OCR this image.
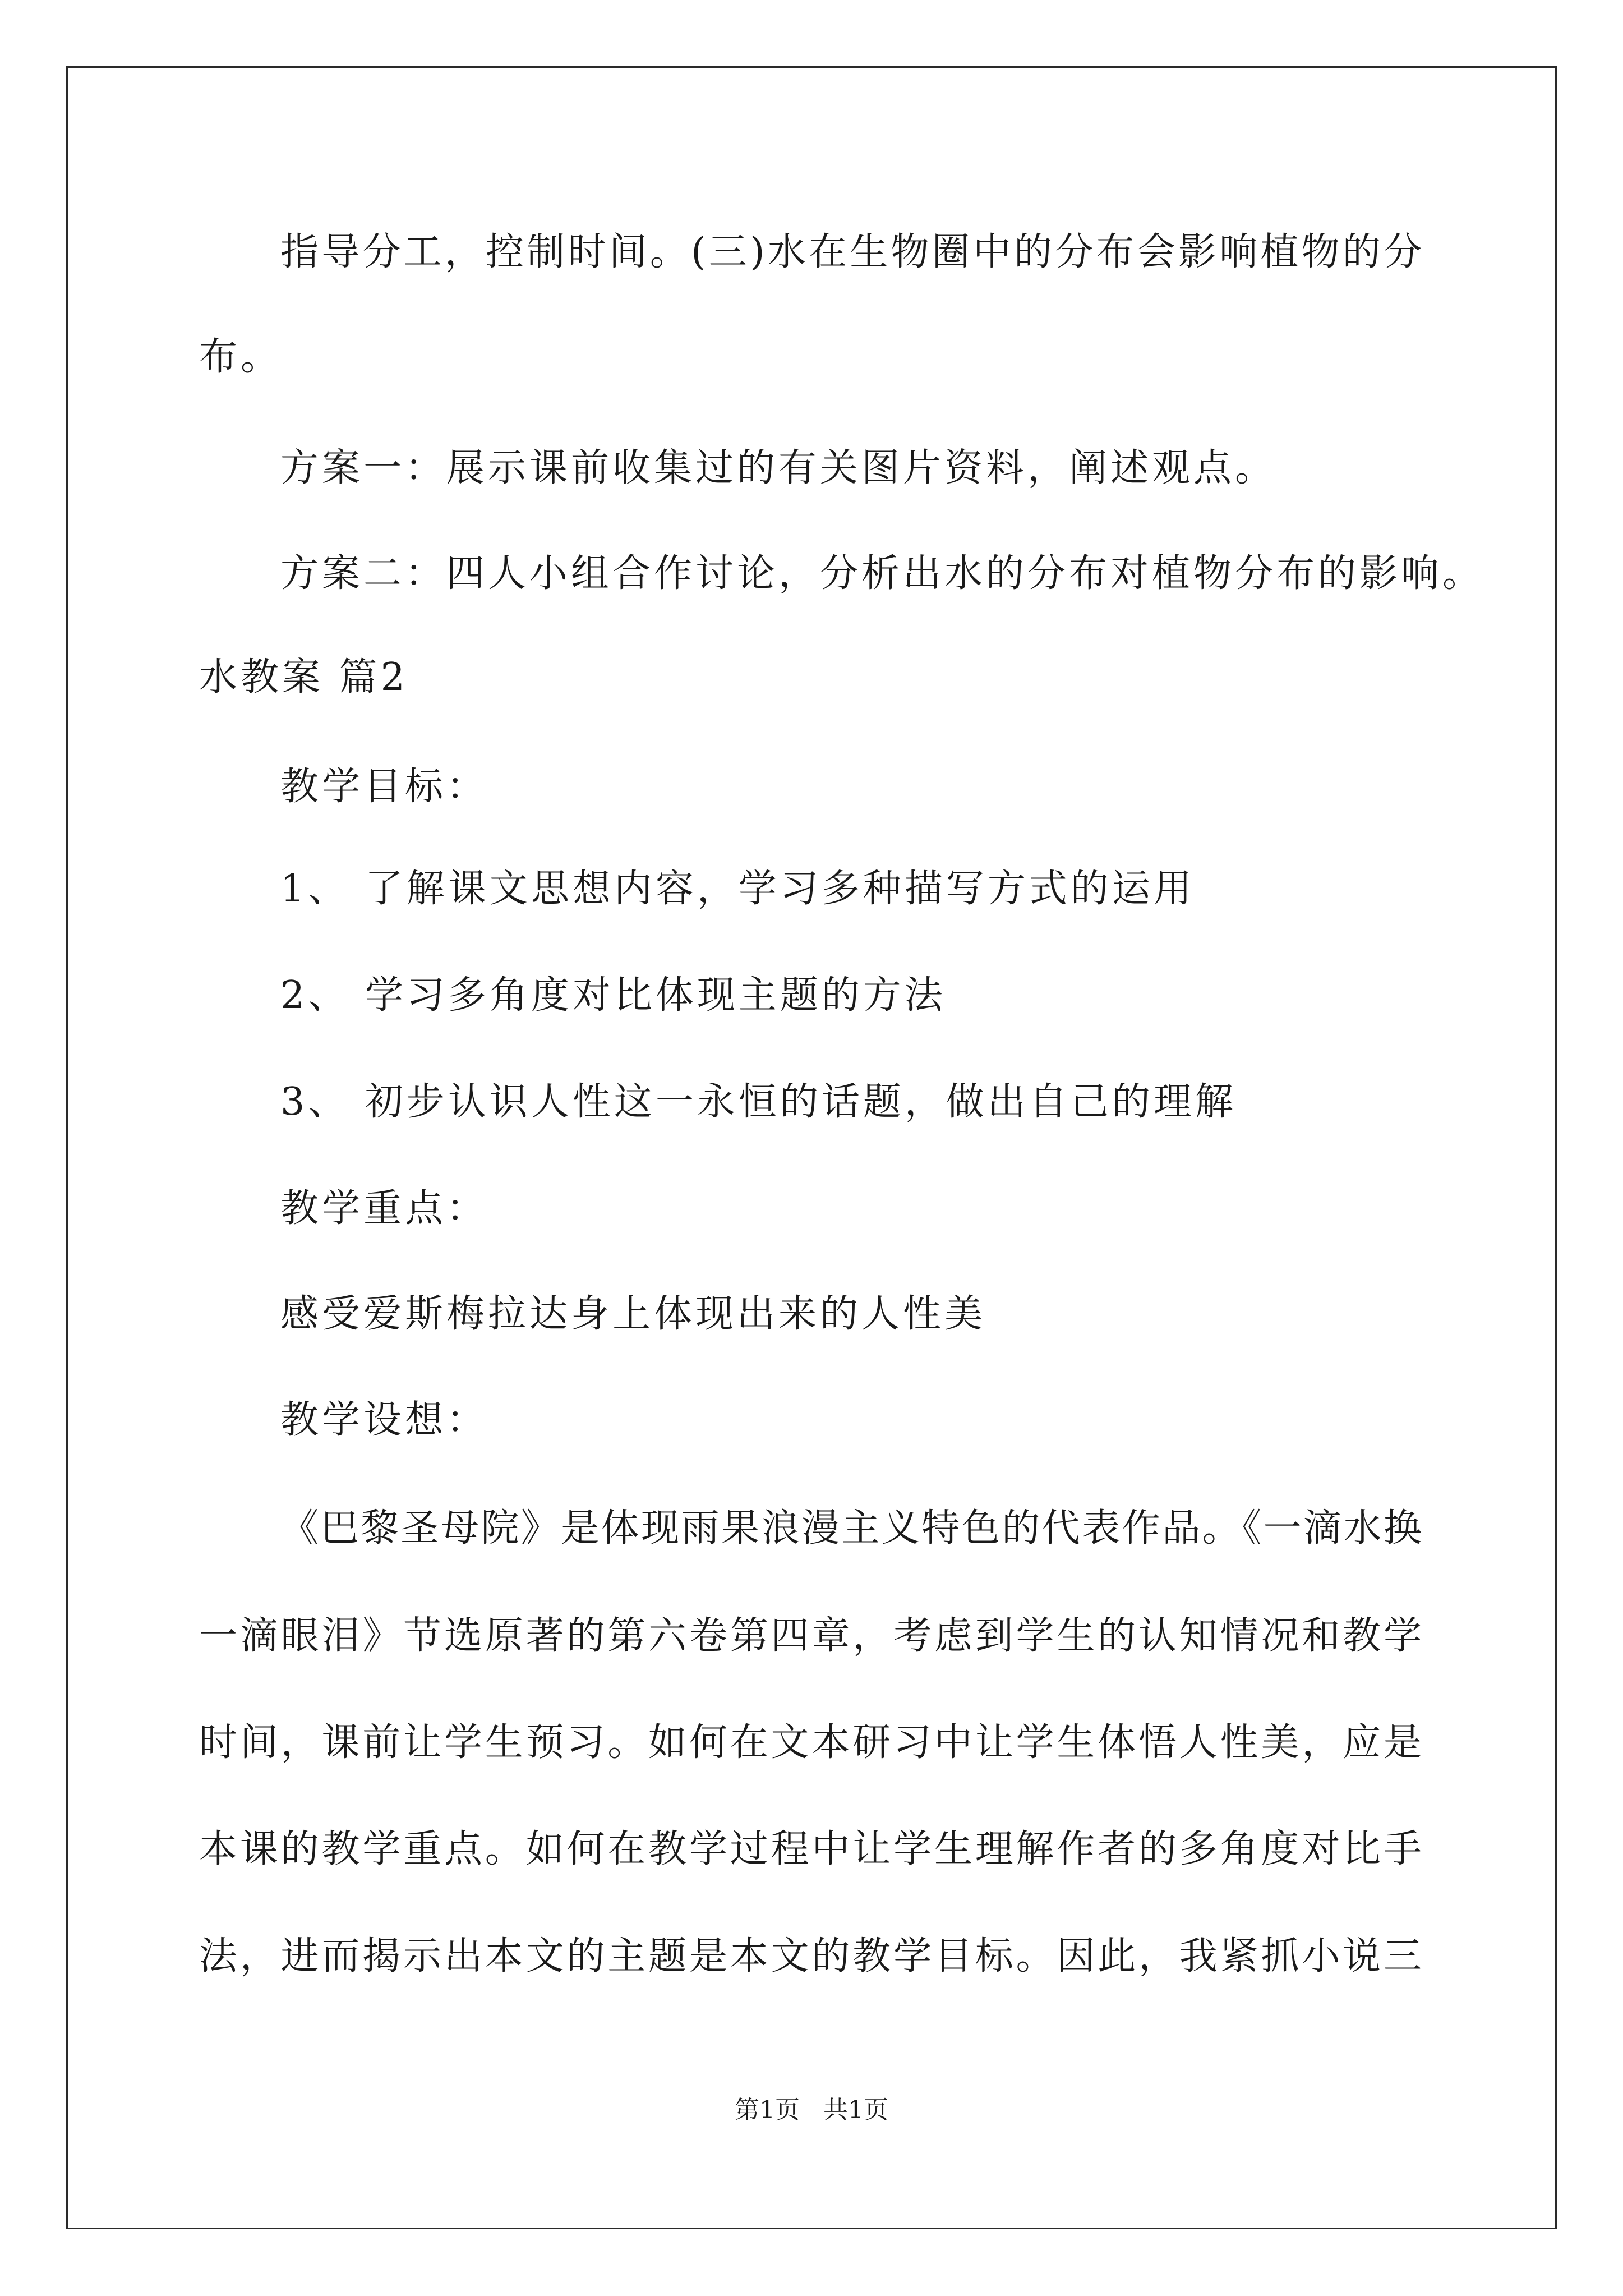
指导分工，控制时间。(三)水在生物圈中的分布会影响植物的分
布。
方案一：展示课前收集过的有关图片资料，阐述观点。
方案二：四人小组合作讨论，分析出水的分布对植物分布的影响。
水教案 篇2
教学目标：
1、 了解课文思想内容，学习多种描写方式的运用
2、 学习多角度对比体现主题的方法
3、 初步认识人性这一永恒的话题，做出自己的理解
教学重点：
感受爱斯梅拉达身上体现出来的人性美
教学设想：
《巴黎圣母院》是体现雨果浪漫主义特色的代表作品。《一滴水换
一滴眼泪》节选原著的第六卷第四章，考虑到学生的认知情况和教学
时间，课前让学生预习。如何在文本研习中让学生体悟人性美，应是
本课的教学重点。如何在教学过程中让学生理解作者的多角度对比手
法，进而揭示出本文的主题是本文的教学目标。因此，我紧抓小说三
第1页   共1页
